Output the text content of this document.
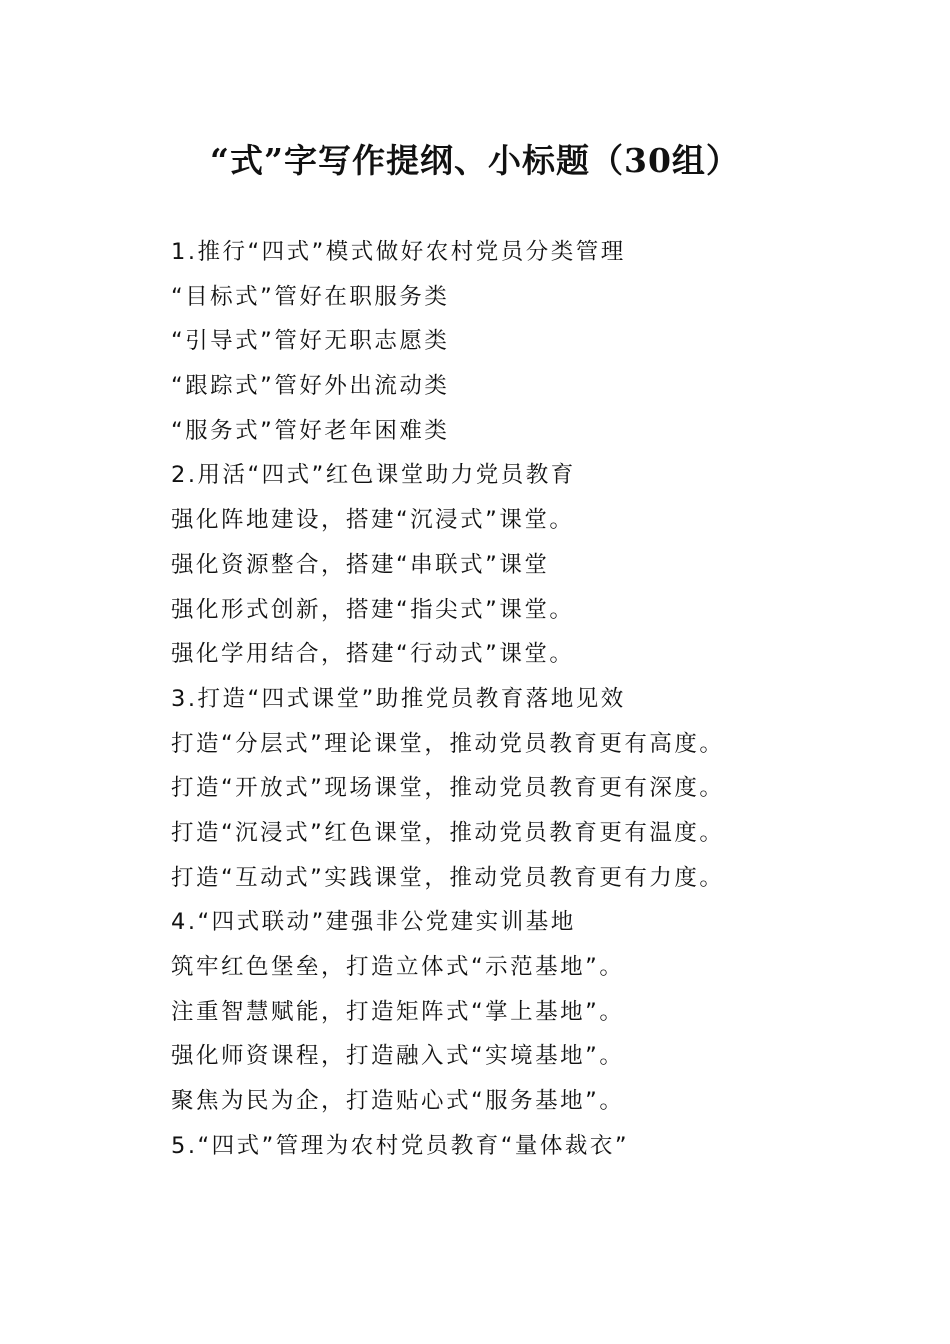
“式”字写作提纲、小标题（30组）
1.推行“四式”模式做好农村党员分类管理
“目标式”管好在职服务类
“引导式”管好无职志愿类
“跟踪式”管好外出流动类
“服务式”管好老年困难类
2.用活“四式”红色课堂助力党员教育
强化阵地建设，搭建“沉浸式”课堂。
强化资源整合，搭建“串联式”课堂
强化形式创新，搭建“指尖式”课堂。
强化学用结合，搭建“行动式”课堂。
3.打造“四式课堂”助推党员教育落地见效
打造“分层式”理论课堂，推动党员教育更有高度。
打造“开放式”现场课堂，推动党员教育更有深度。
打造“沉浸式”红色课堂，推动党员教育更有温度。
打造“互动式”实践课堂，推动党员教育更有力度。
4.“四式联动”建强非公党建实训基地
筑牢红色堡垒，打造立体式“示范基地”。
注重智慧赋能，打造矩阵式“掌上基地”。
强化师资课程，打造融入式“实境基地”。
聚焦为民为企，打造贴心式“服务基地”。
5.“四式”管理为农村党员教育“量体裁衣”
